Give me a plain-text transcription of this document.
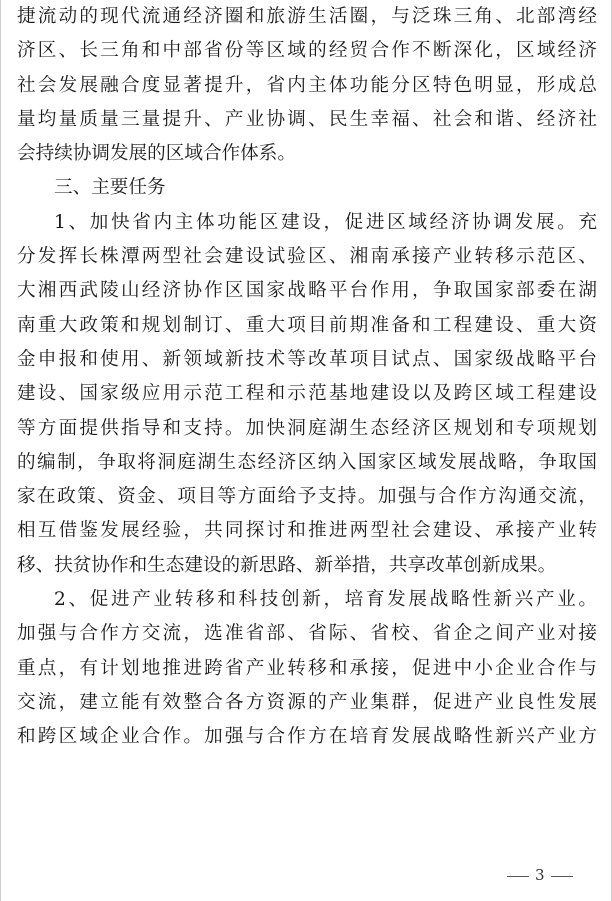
捷流动的现代流通经济圈和旅游生活圈，与泛珠三角、北部湾经
济区、长三角和中部省份等区域的经贸合作不断深化，区域经济
社会发展融合度显著提升，省内主体功能分区特色明显，形成总
量均量质量三量提升、产业协调、民生幸福、社会和谐、经济社
会持续协调发展的区域合作体系。
三、主要任务
1、加快省内主体功能区建设，促进区域经济协调发展。充
分发挥长株潭两型社会建设试验区、湘南承接产业转移示范区、
大湘西武陵山经济协作区国家战略平台作用，争取国家部委在湖
南重大政策和规划制订、重大项目前期准备和工程建设、重大资
金申报和使用、新领域新技术等改革项目试点、国家级战略平台
建设、国家级应用示范工程和示范基地建设以及跨区域工程建设
等方面提供指导和支持。加快洞庭湖生态经济区规划和专项规划
的编制，争取将洞庭湖生态经济区纳入国家区域发展战略，争取国
家在政策、资金、项目等方面给予支持。加强与合作方沟通交流，
相互借鉴发展经验，共同探讨和推进两型社会建设、承接产业转
移、扶贫协作和生态建设的新思路、新举措，共享改革创新成果。
2、促进产业转移和科技创新，培育发展战略性新兴产业。
加强与合作方交流，选准省部、省际、省校、省企之间产业对接
重点，有计划地推进跨省产业转移和承接，促进中小企业合作与
交流，建立能有效整合各方资源的产业集群，促进产业良性发展
和跨区域企业合作。加强与合作方在培育发展战略性新兴产业方
3
